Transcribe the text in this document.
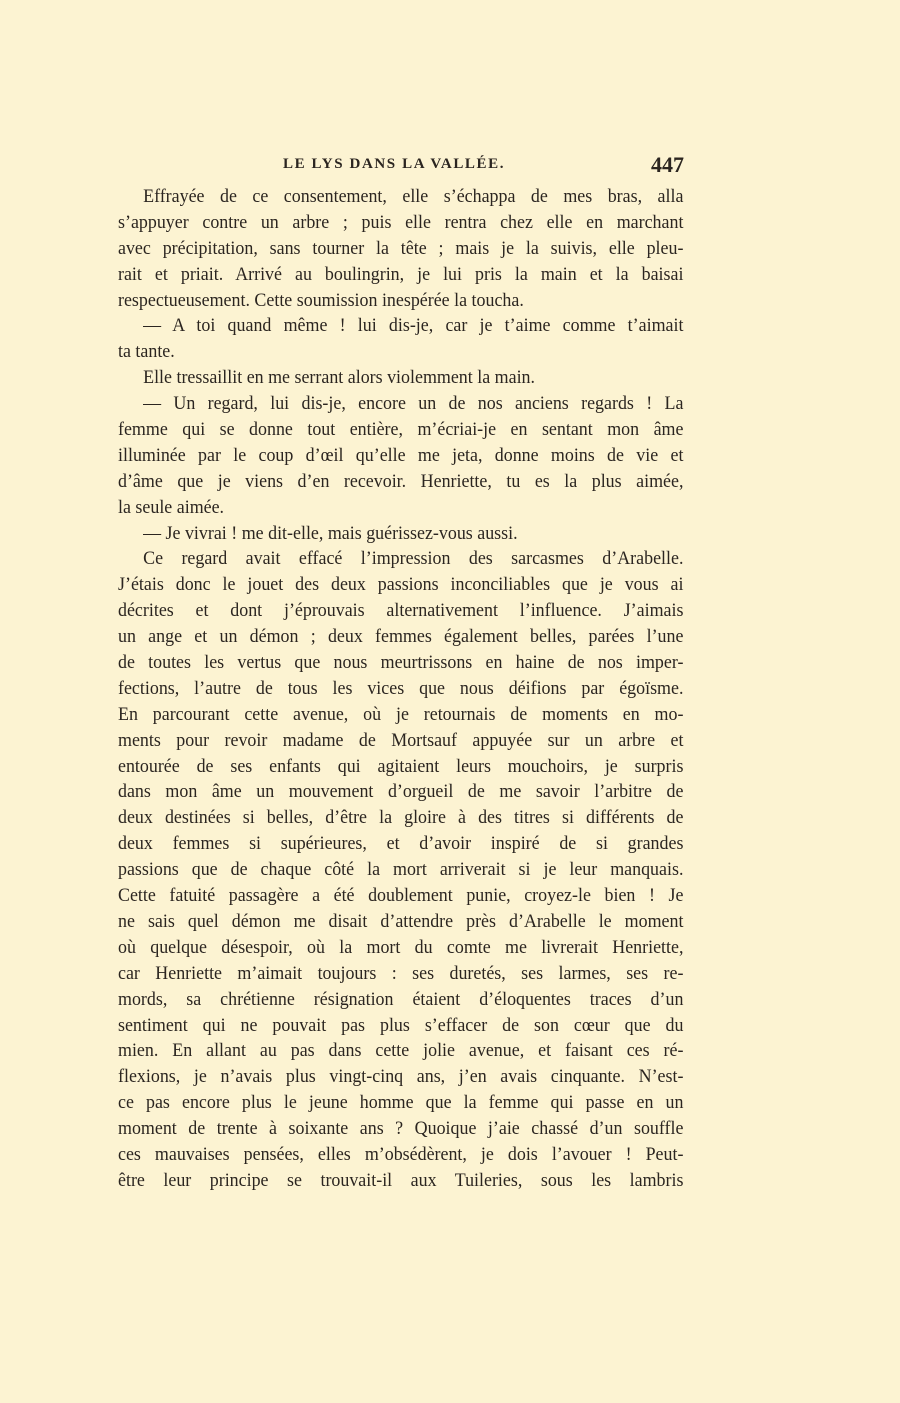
LE LYS DANS LA VALLÉE.	447
Effrayée de ce consentement, elle s’échappa de mes bras, alla
s’appuyer contre un arbre ; puis elle rentra chez elle en marchant
avec précipitation, sans tourner la tête ; mais je la suivis, elle pleu-
rait et priait. Arrivé au boulingrin, je lui pris la main et la baisai
respectueusement. Cette soumission inespérée la toucha.
— A toi quand même ! lui dis-je, car je t’aime comme t’aimait
ta tante.
Elle tressaillit en me serrant alors violemment la main.
— Un regard, lui dis-je, encore un de nos anciens regards ! La
femme qui se donne tout entière, m’écriai-je en sentant mon âme
illuminée par le coup d’œil qu’elle me jeta, donne moins de vie et
d’âme que je viens d’en recevoir. Henriette, tu es la plus aimée,
la seule aimée.
— Je vivrai ! me dit-elle, mais guérissez-vous aussi.
Ce regard avait effacé l’impression des sarcasmes d’Arabelle.
J’étais donc le jouet des deux passions inconciliables que je vous ai
décrites et dont j’éprouvais alternativement l’influence. J’aimais
un ange et un démon ; deux femmes également belles, parées l’une
de toutes les vertus que nous meurtrissons en haine de nos imper-
fections, l’autre de tous les vices que nous déifions par égoïsme.
En parcourant cette avenue, où je retournais de moments en mo-
ments pour revoir madame de Mortsauf appuyée sur un arbre et
entourée de ses enfants qui agitaient leurs mouchoirs, je surpris
dans mon âme un mouvement d’orgueil de me savoir l’arbitre de
deux destinées si belles, d’être la gloire à des titres si différents de
deux femmes si supérieures, et d’avoir inspiré de si grandes
passions que de chaque côté la mort arriverait si je leur manquais.
Cette fatuité passagère a été doublement punie, croyez-le bien ! Je
ne sais quel démon me disait d’attendre près d’Arabelle le moment
où quelque désespoir, où la mort du comte me livrerait Henriette,
car Henriette m’aimait toujours : ses duretés, ses larmes, ses re-
mords, sa chrétienne résignation étaient d’éloquentes traces d’un
sentiment qui ne pouvait pas plus s’effacer de son cœur que du
mien. En allant au pas dans cette jolie avenue, et faisant ces ré-
flexions, je n’avais plus vingt-cinq ans, j’en avais cinquante. N’est-
ce pas encore plus le jeune homme que la femme qui passe en un
moment de trente à soixante ans ? Quoique j’aie chassé d’un souffle
ces mauvaises pensées, elles m’obsédèrent, je dois l’avouer ! Peut-
être leur principe se trouvait-il aux Tuileries, sous les lambris
